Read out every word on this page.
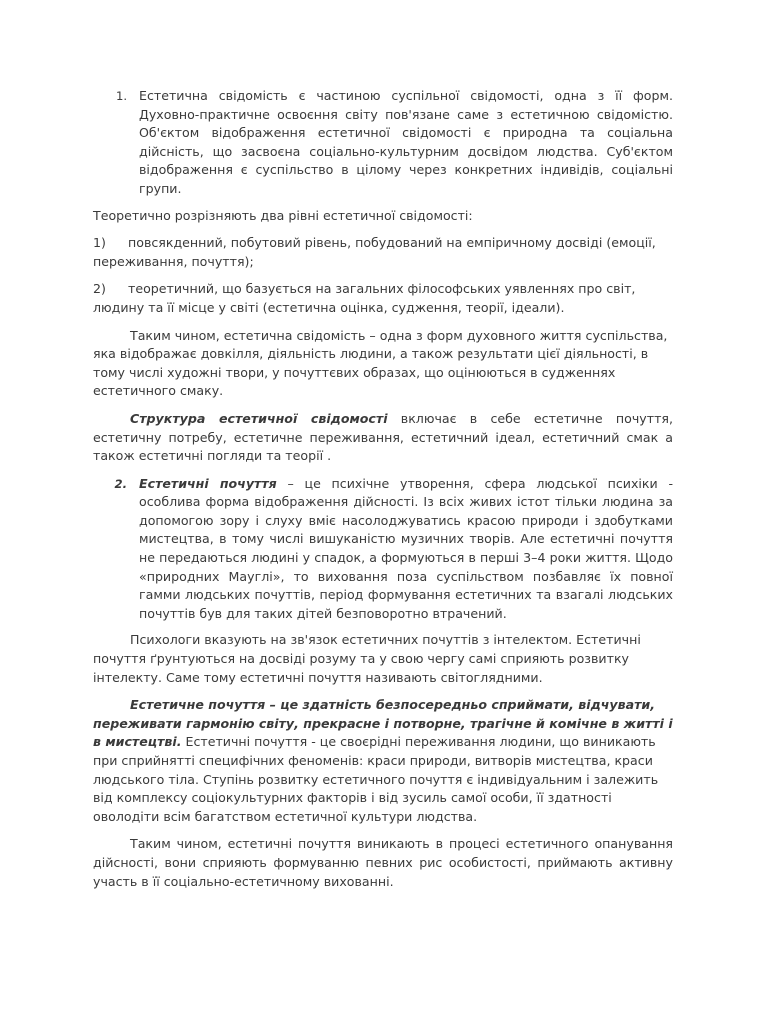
1. Естетична свідомість є частиною суспільної свідомості, одна з її форм. Духовно-практичне освоєння світу пов'язане саме з естетичною свідомістю. Об'єктом відображення естетичної свідомості є природна та соціальна дійсність, що засвоєна соціально-культурним досвідом людства. Суб'єктом відображення є суспільство в цілому через конкретних індивідів, соціальні групи.

Теоретично розрізняють два рівні естетичної свідомості:

1) повсякденний, побутовий рівень, побудований на емпіричному досвіді (емоції, переживання, почуття);

2) теоретичний, що базується на загальних філософських уявленнях про світ, людину та її місце у світі (естетична оцінка, судження, теорії, ідеали).

Таким чином, естетична свідомість – одна з форм духовного життя суспільства, яка відображає довкілля, діяльність людини, а також результати цієї діяльності, в тому числі художні твори, у почуттєвих образах, що оцінюються в судженнях естетичного смаку.

Структура естетичної свідомості включає в себе естетичне почуття, естетичну потребу, естетичне переживання, естетичний ідеал, естетичний смак а також естетичні погляди та теорії .

2. Естетичні почуття – це психічне утворення, сфера людської психіки - особлива форма відображення дійсності. Із всіх живих істот тільки людина за допомогою зору і слуху вміє насолоджуватись красою природи і здобутками мистецтва, в тому числі вишуканістю музичних творів. Але естетичні почуття не передаються людині у спадок, а формуються в перші 3–4 роки життя. Щодо «природних Мауглі», то виховання поза суспільством позбавляє їх повної гамми людських почуттів, період формування естетичних та взагалі людських почуттів був для таких дітей безповоротно втрачений.

Психологи вказують на зв'язок естетичних почуттів з інтелектом. Естетичні почуття ґрунтуються на досвіді розуму та у свою чергу самі сприяють розвитку інтелекту. Саме тому естетичні почуття називають світоглядними.

Естетичне почуття – це здатність безпосередньо сприймати, відчувати, переживати гармонію світу, прекрасне і потворне, трагічне й комічне в житті і в мистецтві. Естетичні почуття - це своєрідні переживання людини, що виникають при сприйнятті специфічних феноменів: краси природи, витворів мистецтва, краси людського тіла. Ступінь розвитку естетичного почуття є індивідуальним і залежить від комплексу соціокультурних факторів і від зусиль самої особи, її здатності оволодіти всім багатством естетичної культури людства.

Таким чином, естетичні почуття виникають в процесі естетичного опанування дійсності, вони сприяють формуванню певних рис особистості, приймають активну участь в її соціально-естетичному вихованні.
